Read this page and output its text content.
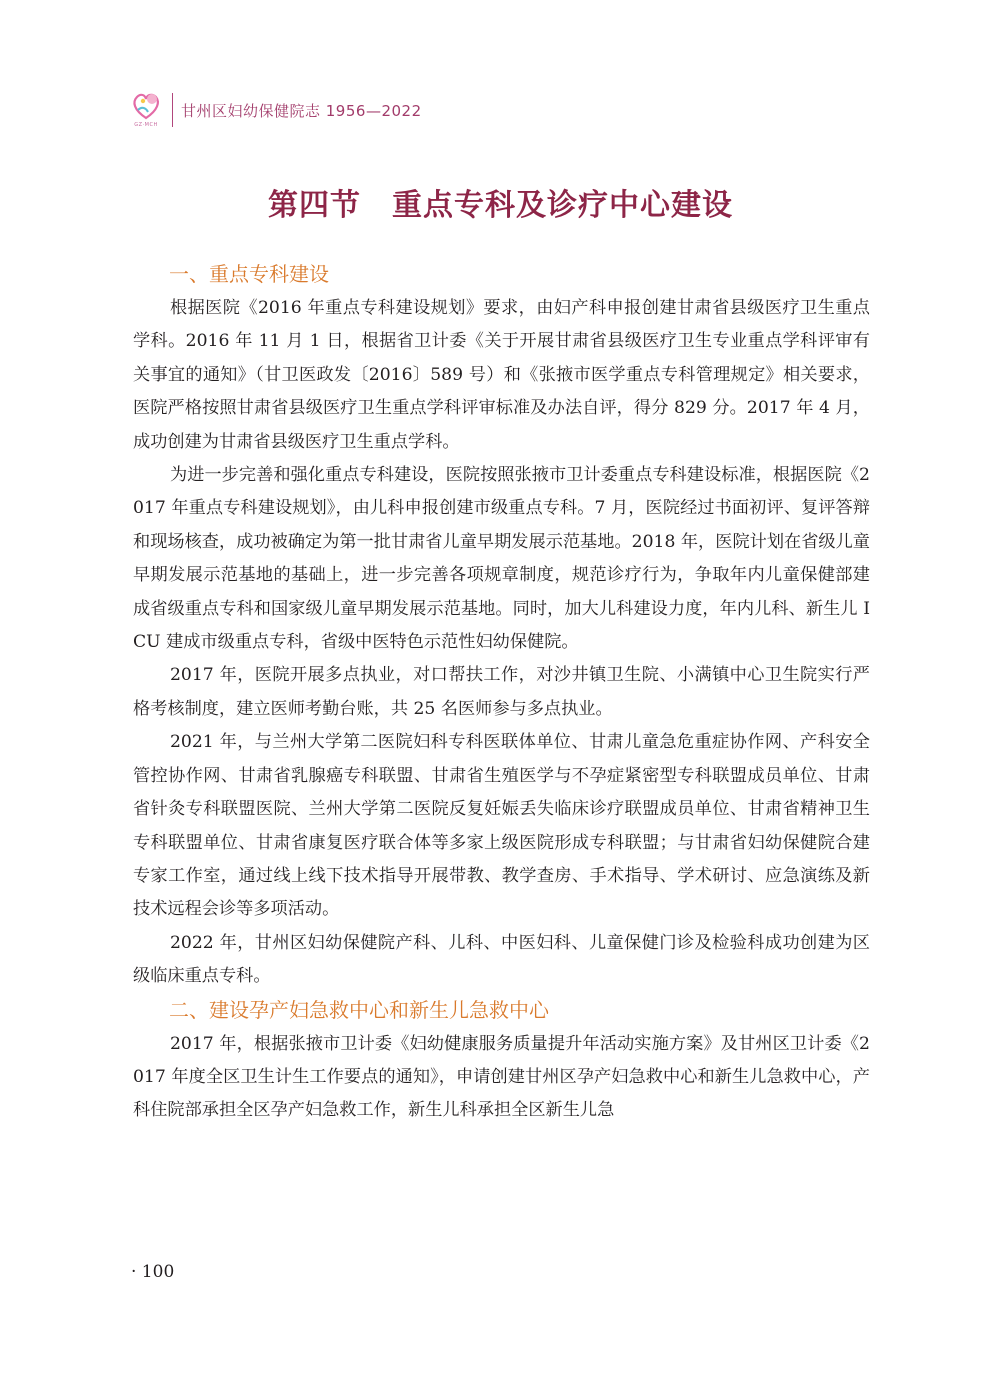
GZ·MCH
甘州区妇幼保健院志 1956—2022
第四节　重点专科及诊疗中心建设
一、重点专科建设

根据医院《2016 年重点专科建设规划》要求，由妇产科申报创建甘肃省县级医疗卫生重点学科。2016 年 11 月 1 日，根据省卫计委《关于开展甘肃省县级医疗卫生专业重点学科评审有关事宜的通知》（甘卫医政发〔2016〕589 号）和《张掖市医学重点专科管理规定》相关要求，医院严格按照甘肃省县级医疗卫生重点学科评审标准及办法自评，得分 829 分。2017 年 4 月，成功创建为甘肃省县级医疗卫生重点学科。

为进一步完善和强化重点专科建设，医院按照张掖市卫计委重点专科建设标准，根据医院《2017 年重点专科建设规划》，由儿科申报创建市级重点专科。7 月，医院经过书面初评、复评答辩和现场核查，成功被确定为第一批甘肃省儿童早期发展示范基地。2018 年，医院计划在省级儿童早期发展示范基地的基础上，进一步完善各项规章制度，规范诊疗行为，争取年内儿童保健部建成省级重点专科和国家级儿童早期发展示范基地。同时，加大儿科建设力度，年内儿科、新生儿 ICU 建成市级重点专科，省级中医特色示范性妇幼保健院。

2017 年，医院开展多点执业，对口帮扶工作，对沙井镇卫生院、小满镇中心卫生院实行严格考核制度，建立医师考勤台账，共 25 名医师参与多点执业。

2021 年，与兰州大学第二医院妇科专科医联体单位、甘肃儿童急危重症协作网、产科安全管控协作网、甘肃省乳腺癌专科联盟、甘肃省生殖医学与不孕症紧密型专科联盟成员单位、甘肃省针灸专科联盟医院、兰州大学第二医院反复妊娠丢失临床诊疗联盟成员单位、甘肃省精神卫生专科联盟单位、甘肃省康复医疗联合体等多家上级医院形成专科联盟；与甘肃省妇幼保健院合建专家工作室，通过线上线下技术指导开展带教、教学查房、手术指导、学术研讨、应急演练及新技术远程会诊等多项活动。

2022 年，甘州区妇幼保健院产科、儿科、中医妇科、儿童保健门诊及检验科成功创建为区级临床重点专科。

二、建设孕产妇急救中心和新生儿急救中心

2017 年，根据张掖市卫计委《妇幼健康服务质量提升年活动实施方案》及甘州区卫计委《2017 年度全区卫生计生工作要点的通知》，申请创建甘州区孕产妇急救中心和新生儿急救中心，产科住院部承担全区孕产妇急救工作，新生儿科承担全区新生儿急

· 100
